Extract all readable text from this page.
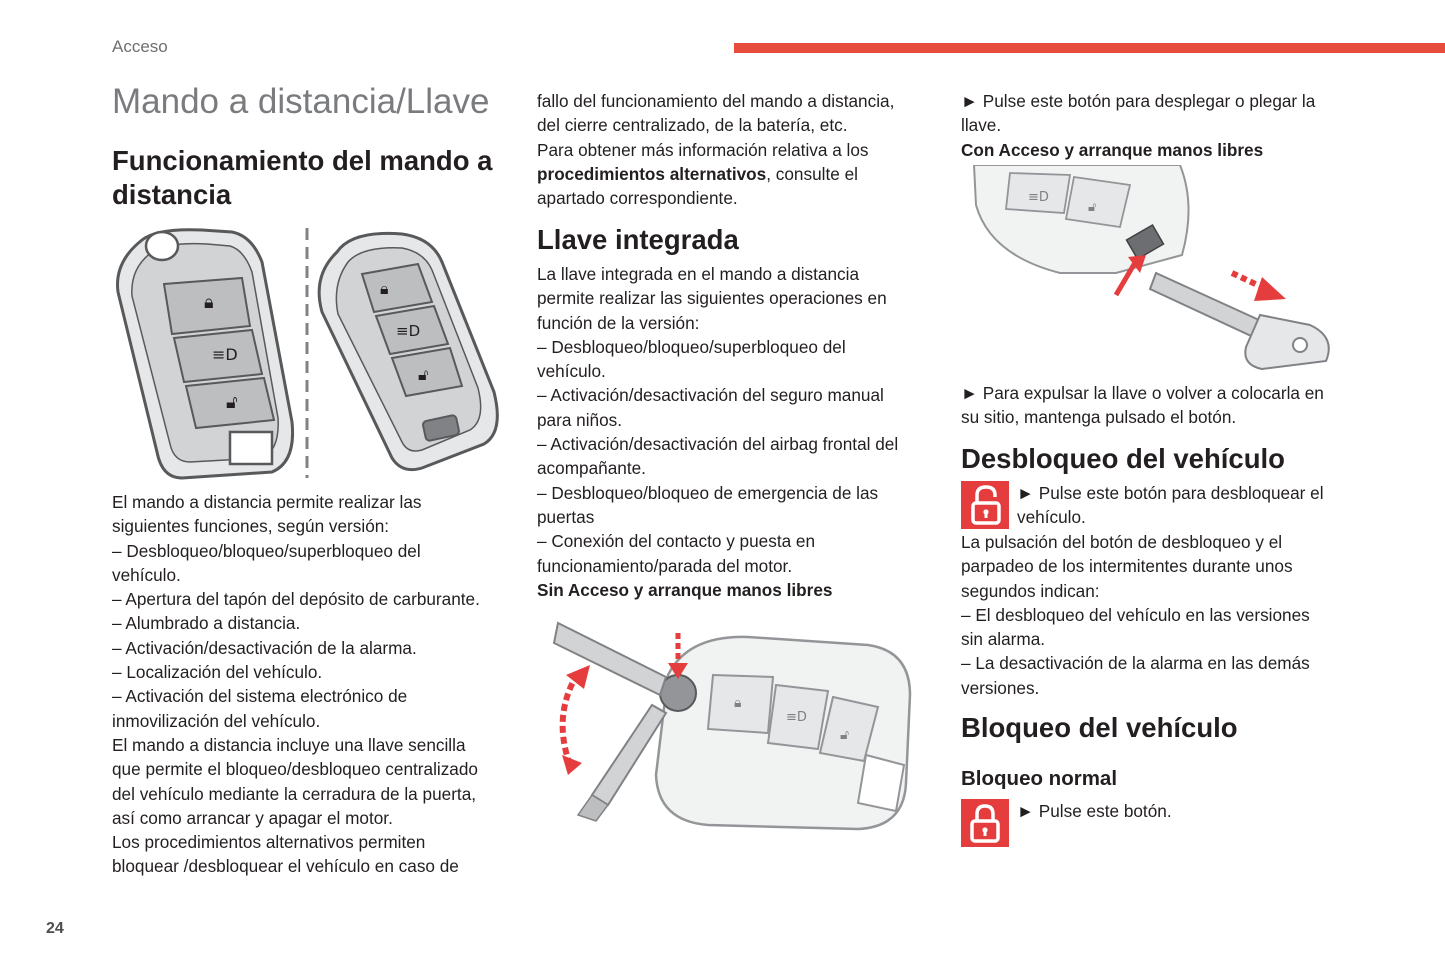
Acceso
Mando a distancia/Llave
Funcionamiento del mando a distancia
🔒︎
≡D
🔓︎
🔒︎
≡D
🔓︎

El mando a distancia permite realizar las

siguientes funciones, según versión:

– Desbloqueo/bloqueo/superbloqueo del

vehículo.

– Apertura del tapón del depósito de carburante.

– Alumbrado a distancia.

– Activación/desactivación de la alarma.

– Localización del vehículo.

– Activación del sistema electrónico de

inmovilización del vehículo.

El mando a distancia incluye una llave sencilla

que permite el bloqueo/desbloqueo centralizado

del vehículo mediante la cerradura de la puerta,

así como arrancar y apagar el motor.

Los procedimientos alternativos permiten

bloquear /desbloquear el vehículo en caso de

fallo del funcionamiento del mando a distancia,

del cierre centralizado, de la batería, etc.

Para obtener más información relativa a los

procedimientos alternativos, consulte el

apartado correspondiente.

Llave integrada

La llave integrada en el mando a distancia

permite realizar las siguientes operaciones en

función de la versión:

– Desbloqueo/bloqueo/superbloqueo del

vehículo.

– Activación/desactivación del seguro manual

para niños.

– Activación/desactivación del airbag frontal del

acompañante.

– Desbloqueo/bloqueo de emergencia de las

puertas

– Conexión del contacto y puesta en

funcionamiento/parada del motor.

Sin Acceso y arranque manos libres

🔒︎
≡D
🔓︎

► Pulse este botón para desplegar o plegar la

llave.

Con Acceso y arranque manos libres

≡D
🔓︎

► Para expulsar la llave o volver a colocarla en

su sitio, mantenga pulsado el botón.

Desbloqueo del vehículo

► Pulse este botón para desbloquear el

vehículo.

La pulsación del botón de desbloqueo y el

parpadeo de los intermitentes durante unos

segundos indican:

– El desbloqueo del vehículo en las versiones

sin alarma.

– La desactivación de la alarma en las demás

versiones.

Bloqueo del vehículo
Bloqueo normal

► Pulse este botón.

24
